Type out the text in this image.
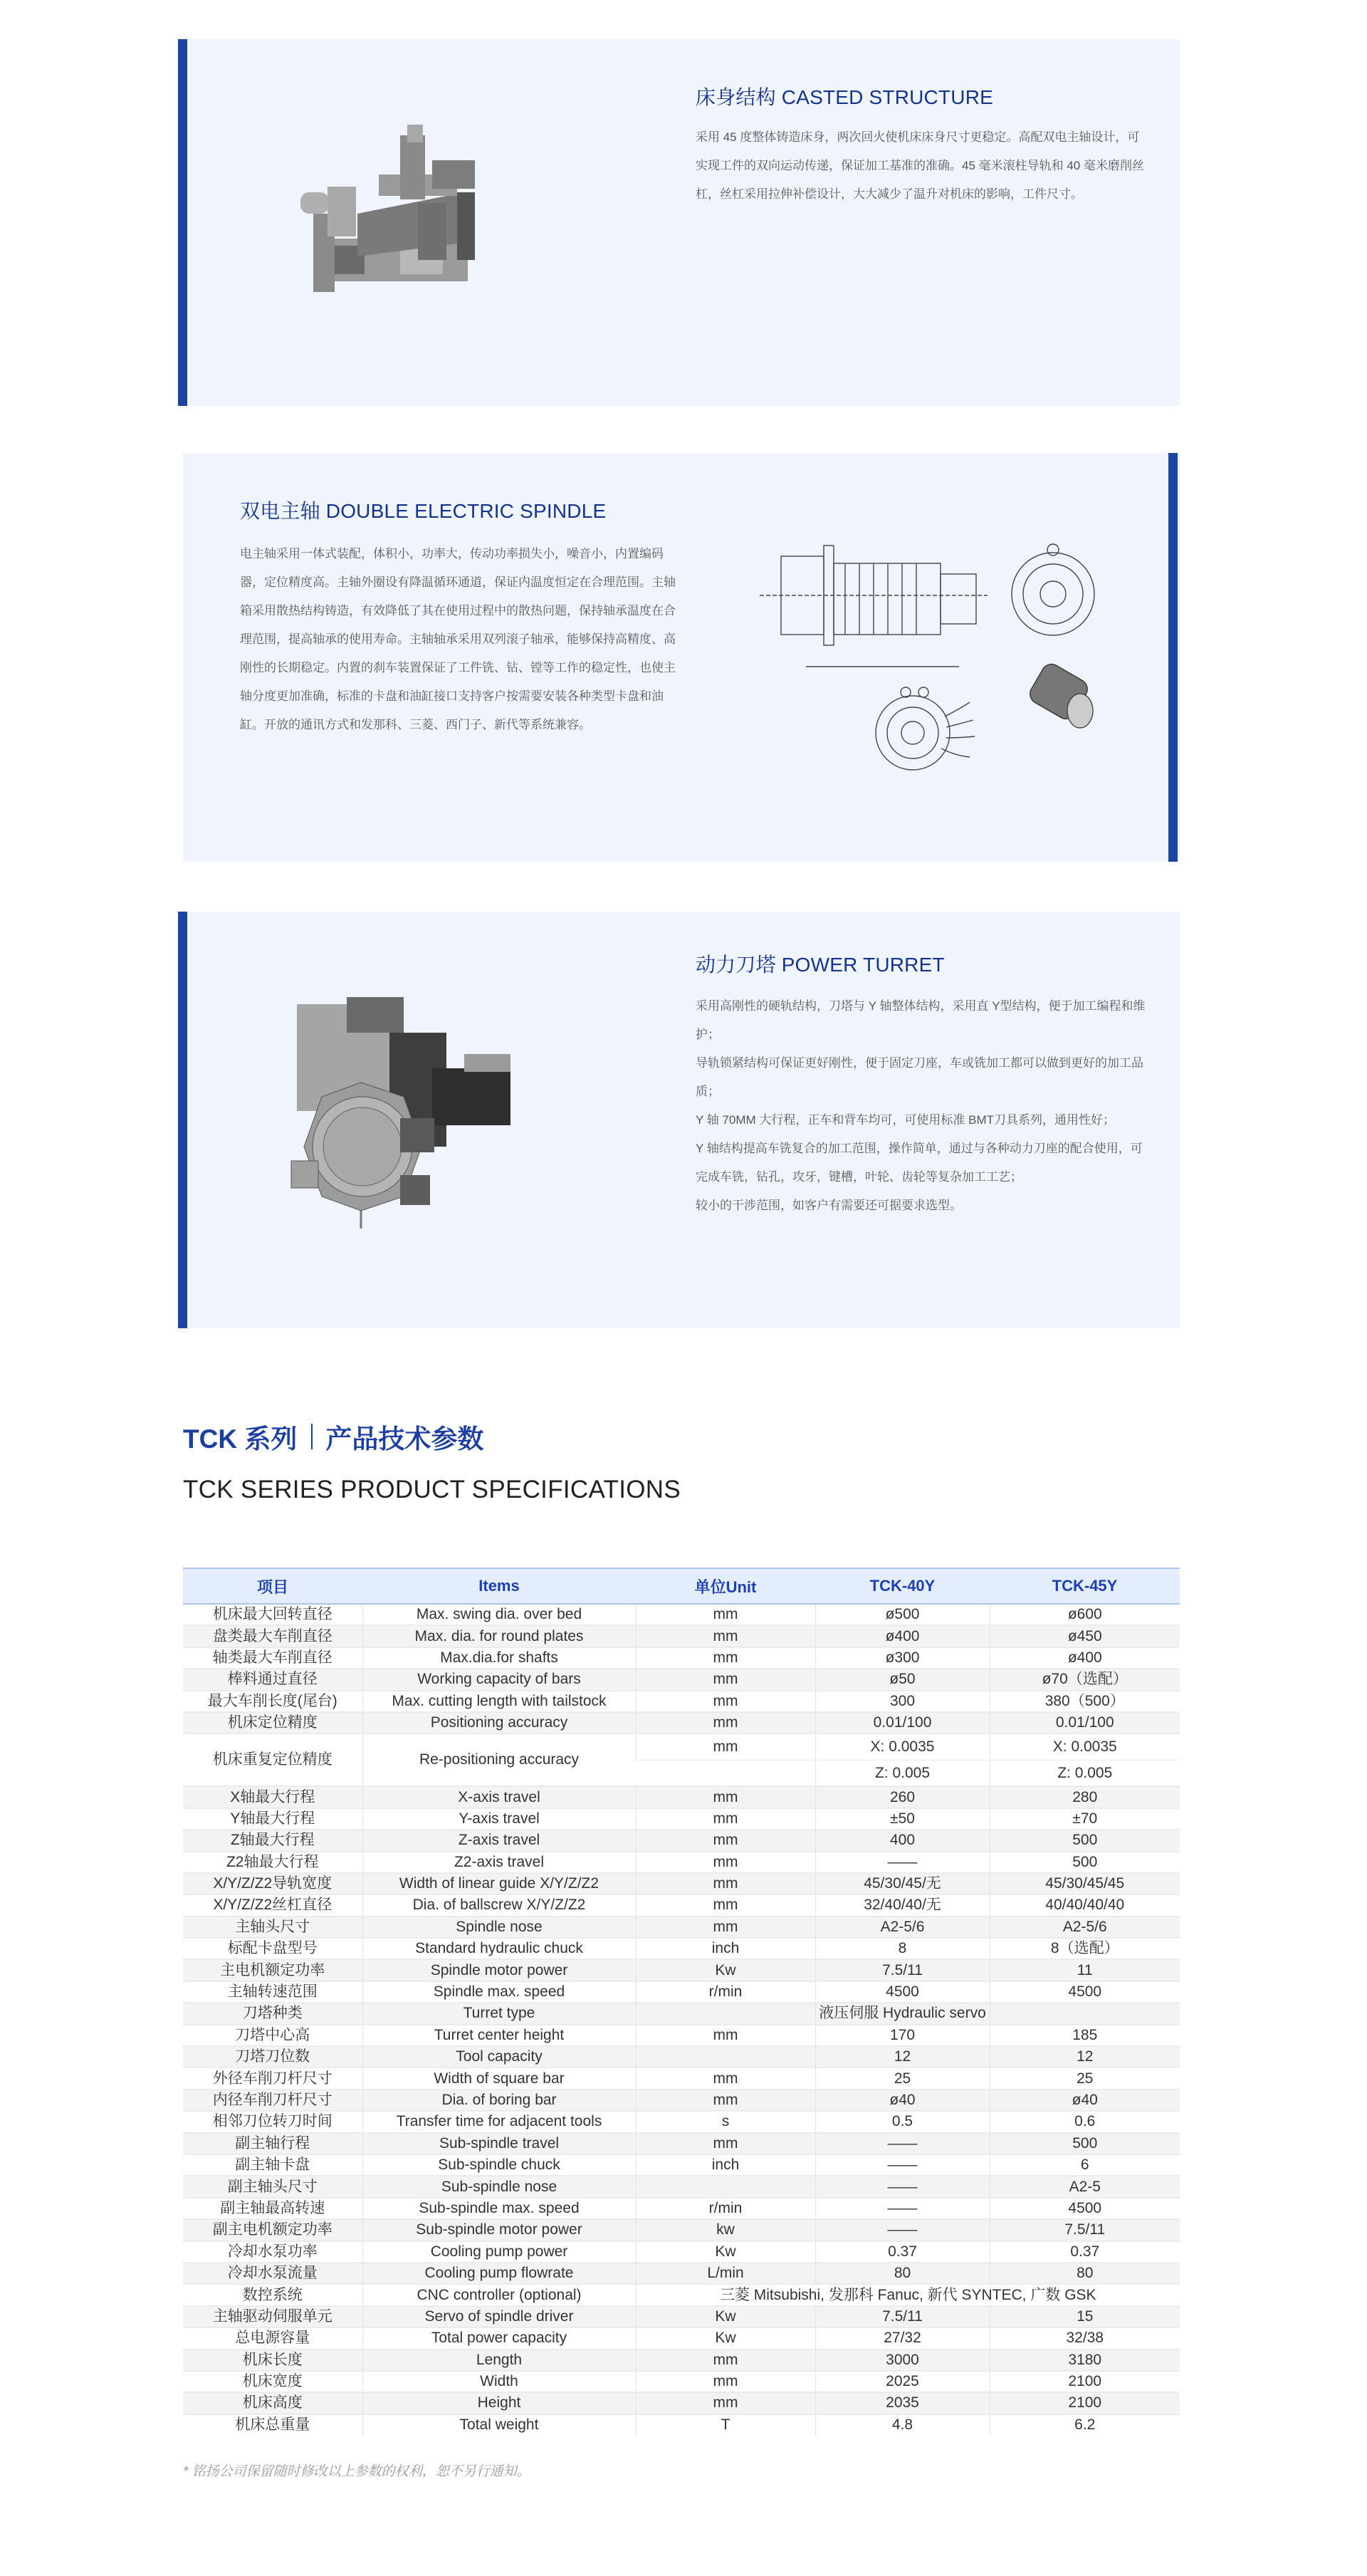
床身结构 CASTED STRUCTURE

采用 45 度整体铸造床身，两次回火使机床床身尺寸更稳定。高配双电主轴设计，可实现工件的双向运动传递，保证加工基准的准确。45 毫米滚柱导轨和 40 毫米磨削丝杠，丝杠采用拉伸补偿设计，大大减少了温升对机床的影响，工件尺寸。

双电主轴 DOUBLE ELECTRIC SPINDLE

电主轴采用一体式装配，体积小，功率大，传动功率损失小，噪音小，内置编码器，定位精度高。主轴外圈设有降温循环通道，保证内温度恒定在合理范围。主轴箱采用散热结构铸造，有效降低了其在使用过程中的散热问题，保持轴承温度在合理范围，提高轴承的使用寿命。主轴轴承采用双列滚子轴承，能够保持高精度、高刚性的长期稳定。内置的刹车装置保证了工件铣、钻、镗等工作的稳定性，也使主轴分度更加准确，标准的卡盘和油缸接口支持客户按需要安装各种类型卡盘和油缸。开放的通讯方式和发那科、三菱、西门子、新代等系统兼容。

动力刀塔 POWER TURRET

采用高刚性的硬轨结构，刀塔与 Y 轴整体结构，采用直 Y型结构，便于加工编程和维护；

导轨锁紧结构可保证更好刚性，便于固定刀座，车或铣加工都可以做到更好的加工品质；

Y 轴 70MM 大行程，正车和背车均可，可使用标准 BMT刀具系列，通用性好；

Y 轴结构提高车铣复合的加工范围，操作简单，通过与各种动力刀座的配合使用，可完成车铣，钻孔，攻牙，键槽，叶轮、齿轮等复杂加工工艺；

较小的干涉范围，如客户有需要还可据要求选型。

TCK 系列 产品技术参数
TCK SERIES PRODUCT SPECIFICATIONS
项目	Items	单位Unit	TCK-40Y	TCK-45Y
机床最大回转直径	Max. swing dia. over bed	mm	ø500	ø600
盘类最大车削直径	Max. dia. for round plates	mm	ø400	ø450
轴类最大车削直径	Max.dia.for shafts	mm	ø300	ø400
棒料通过直径	Working capacity of bars	mm	ø50	ø70（选配）
最大车削长度(尾台)	Max. cutting length with tailstock	mm	300	380（500）
机床定位精度	Positioning accuracy	mm	0.01/100	0.01/100
机床重复定位精度	Re-positioning accuracy	mm	X: 0.0035	X: 0.0035
			Z: 0.005	Z: 0.005
X轴最大行程	X-axis travel	mm	260	280
Y轴最大行程	Y-axis travel	mm	±50	±70
Z轴最大行程	Z-axis travel	mm	400	500
Z2轴最大行程	Z2-axis travel	mm	——	500
X/Y/Z/Z2导轨宽度	Width of linear guide X/Y/Z/Z2	mm	45/30/45/无	45/30/45/45
X/Y/Z/Z2丝杠直径	Dia. of ballscrew X/Y/Z/Z2	mm	32/40/40/无	40/40/40/40
主轴头尺寸	Spindle nose	mm	A2-5/6	A2-5/6
标配卡盘型号	Standard hydraulic chuck	inch	8	8（选配）
主电机额定功率	Spindle motor power	Kw	7.5/11	11
主轴转速范围	Spindle max. speed	r/min	4500	4500
刀塔种类	Turret type		液压伺服 Hydraulic servo	
刀塔中心高	Turret center height	mm	170	185
刀塔刀位数	Tool capacity		12	12
外径车削刀杆尺寸	Width of square bar	mm	25	25
内径车削刀杆尺寸	Dia. of boring bar	mm	ø40	ø40
相邻刀位转刀时间	Transfer time for adjacent tools	s	0.5	0.6
副主轴行程	Sub-spindle travel	mm	——	500
副主轴卡盘	Sub-spindle chuck	inch	——	6
副主轴头尺寸	Sub-spindle nose		——	A2-5
副主轴最高转速	Sub-spindle max. speed	r/min	——	4500
副主电机额定功率	Sub-spindle motor power	kw	——	7.5/11
冷却水泵功率	Cooling pump power	Kw	0.37	0.37
冷却水泵流量	Cooling pump flowrate	L/min	80	80
数控系统	CNC controller (optional)	三菱 Mitsubishi, 发那科 Fanuc, 新代 SYNTEC, 广数 GSK		
主轴驱动伺服单元	Servo of spindle driver	Kw	7.5/11	15
总电源容量	Total power capacity	Kw	27/32	32/38
机床长度	Length	mm	3000	3180
机床宽度	Width	mm	2025	2100
机床高度	Height	mm	2035	2100
机床总重量	Total weight	T	4.8	6.2

* 铭扬公司保留随时修改以上参数的权利，恕不另行通知。
